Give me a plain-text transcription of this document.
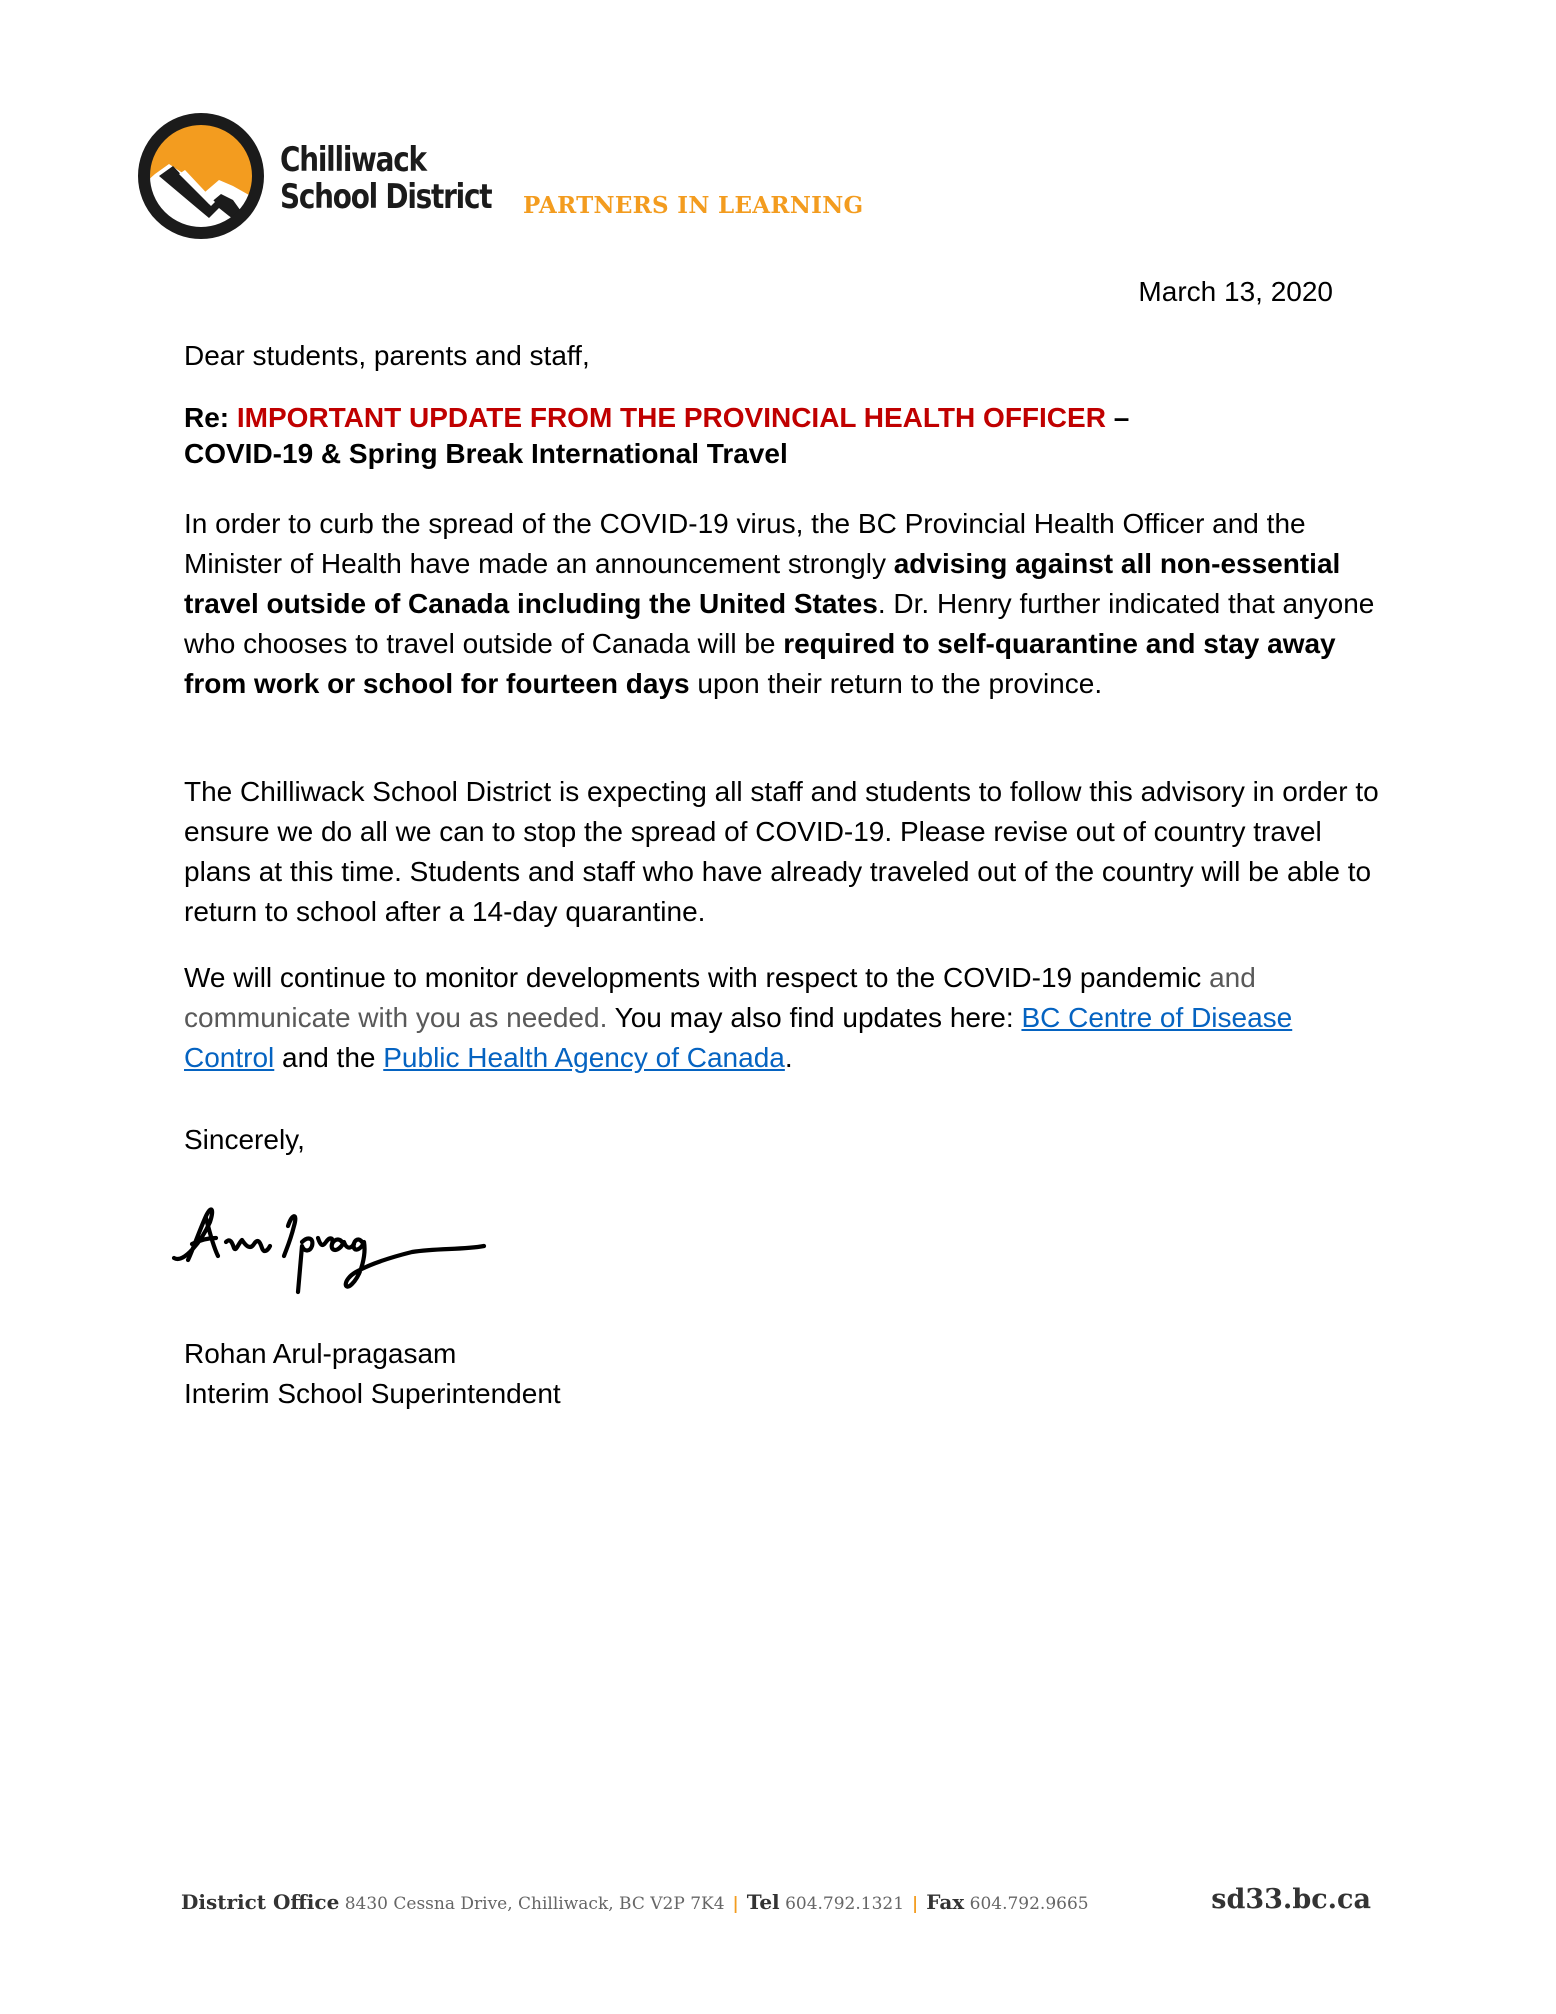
Chilliwack
School District PARTNERS IN LEARNING
March 13, 2020
Dear students, parents and staff,
Re: IMPORTANT UPDATE FROM THE PROVINCIAL HEALTH OFFICER –
COVID-19 & Spring Break International Travel
In order to curb the spread of the COVID-19 virus, the BC Provincial Health Officer and the Minister of Health have made an announcement strongly advising against all non-essential travel outside of Canada including the United States. Dr. Henry further indicated that anyone who chooses to travel outside of Canada will be required to self-quarantine and stay away from work or school for fourteen days upon their return to the province.
The Chilliwack School District is expecting all staff and students to follow this advisory in order to ensure we do all we can to stop the spread of COVID-19. Please revise out of country travel plans at this time. Students and staff who have already traveled out of the country will be able to return to school after a 14-day quarantine.
We will continue to monitor developments with respect to the COVID-19 pandemic and communicate with you as needed. You may also find updates here: BC Centre of Disease Control and the Public Health Agency of Canada.
Sincerely,
Rohan Arul-pragasam
Interim School Superintendent
District Office 8430 Cessna Drive, Chilliwack, BC V2P 7K4 | Tel 604.792.1321 | Fax 604.792.9665	sd33.bc.ca
